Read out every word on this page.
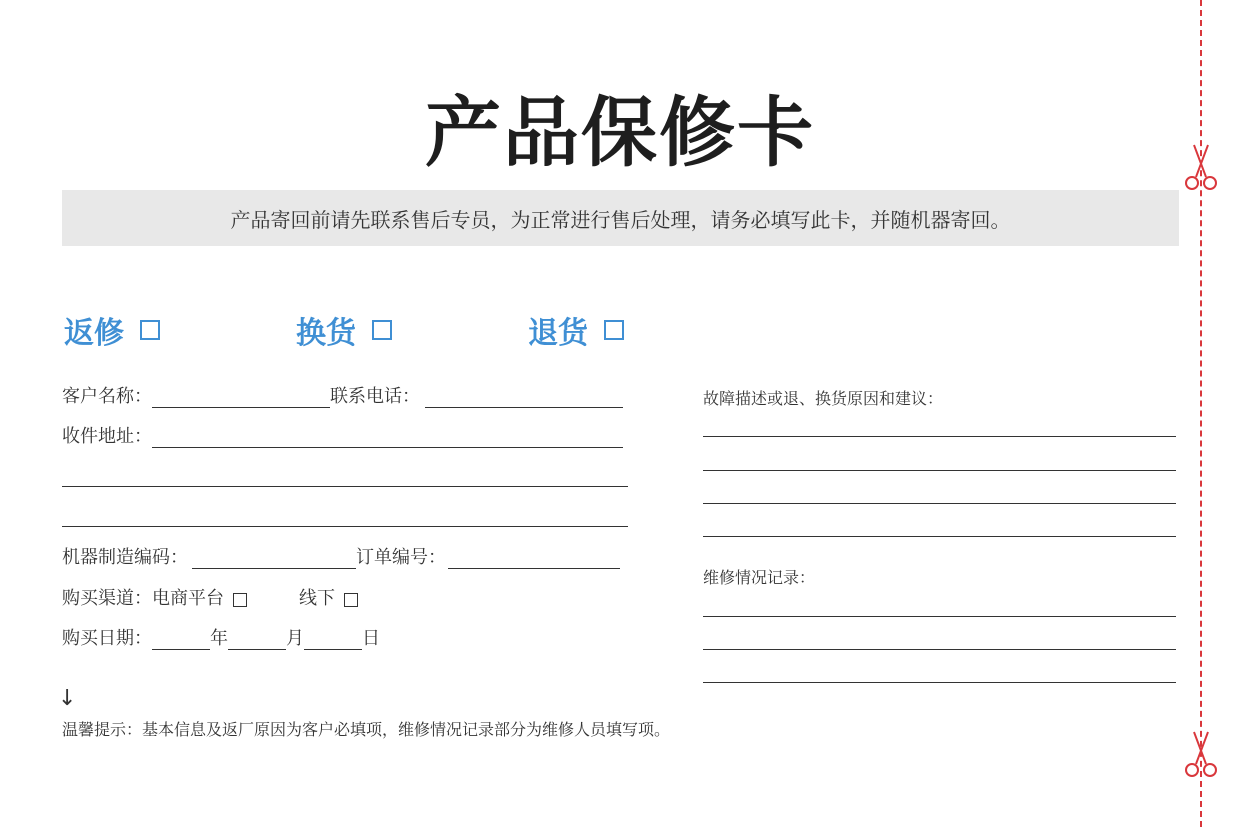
产品保修卡
产品寄回前请先联系售后专员，为正常进行售后处理，请务必填写此卡，并随机器寄回。
返修	换货	退货
客户名称：	联系电话：
收件地址：
机器制造编码：	订单编号：
购买渠道： 电商平台	线下
购买日期：	年	月	日
↓
温馨提示：基本信息及返厂原因为客户必填项，维修情况记录部分为维修人员填写项。
故障描述或退、换货原因和建议：
维修情况记录：
